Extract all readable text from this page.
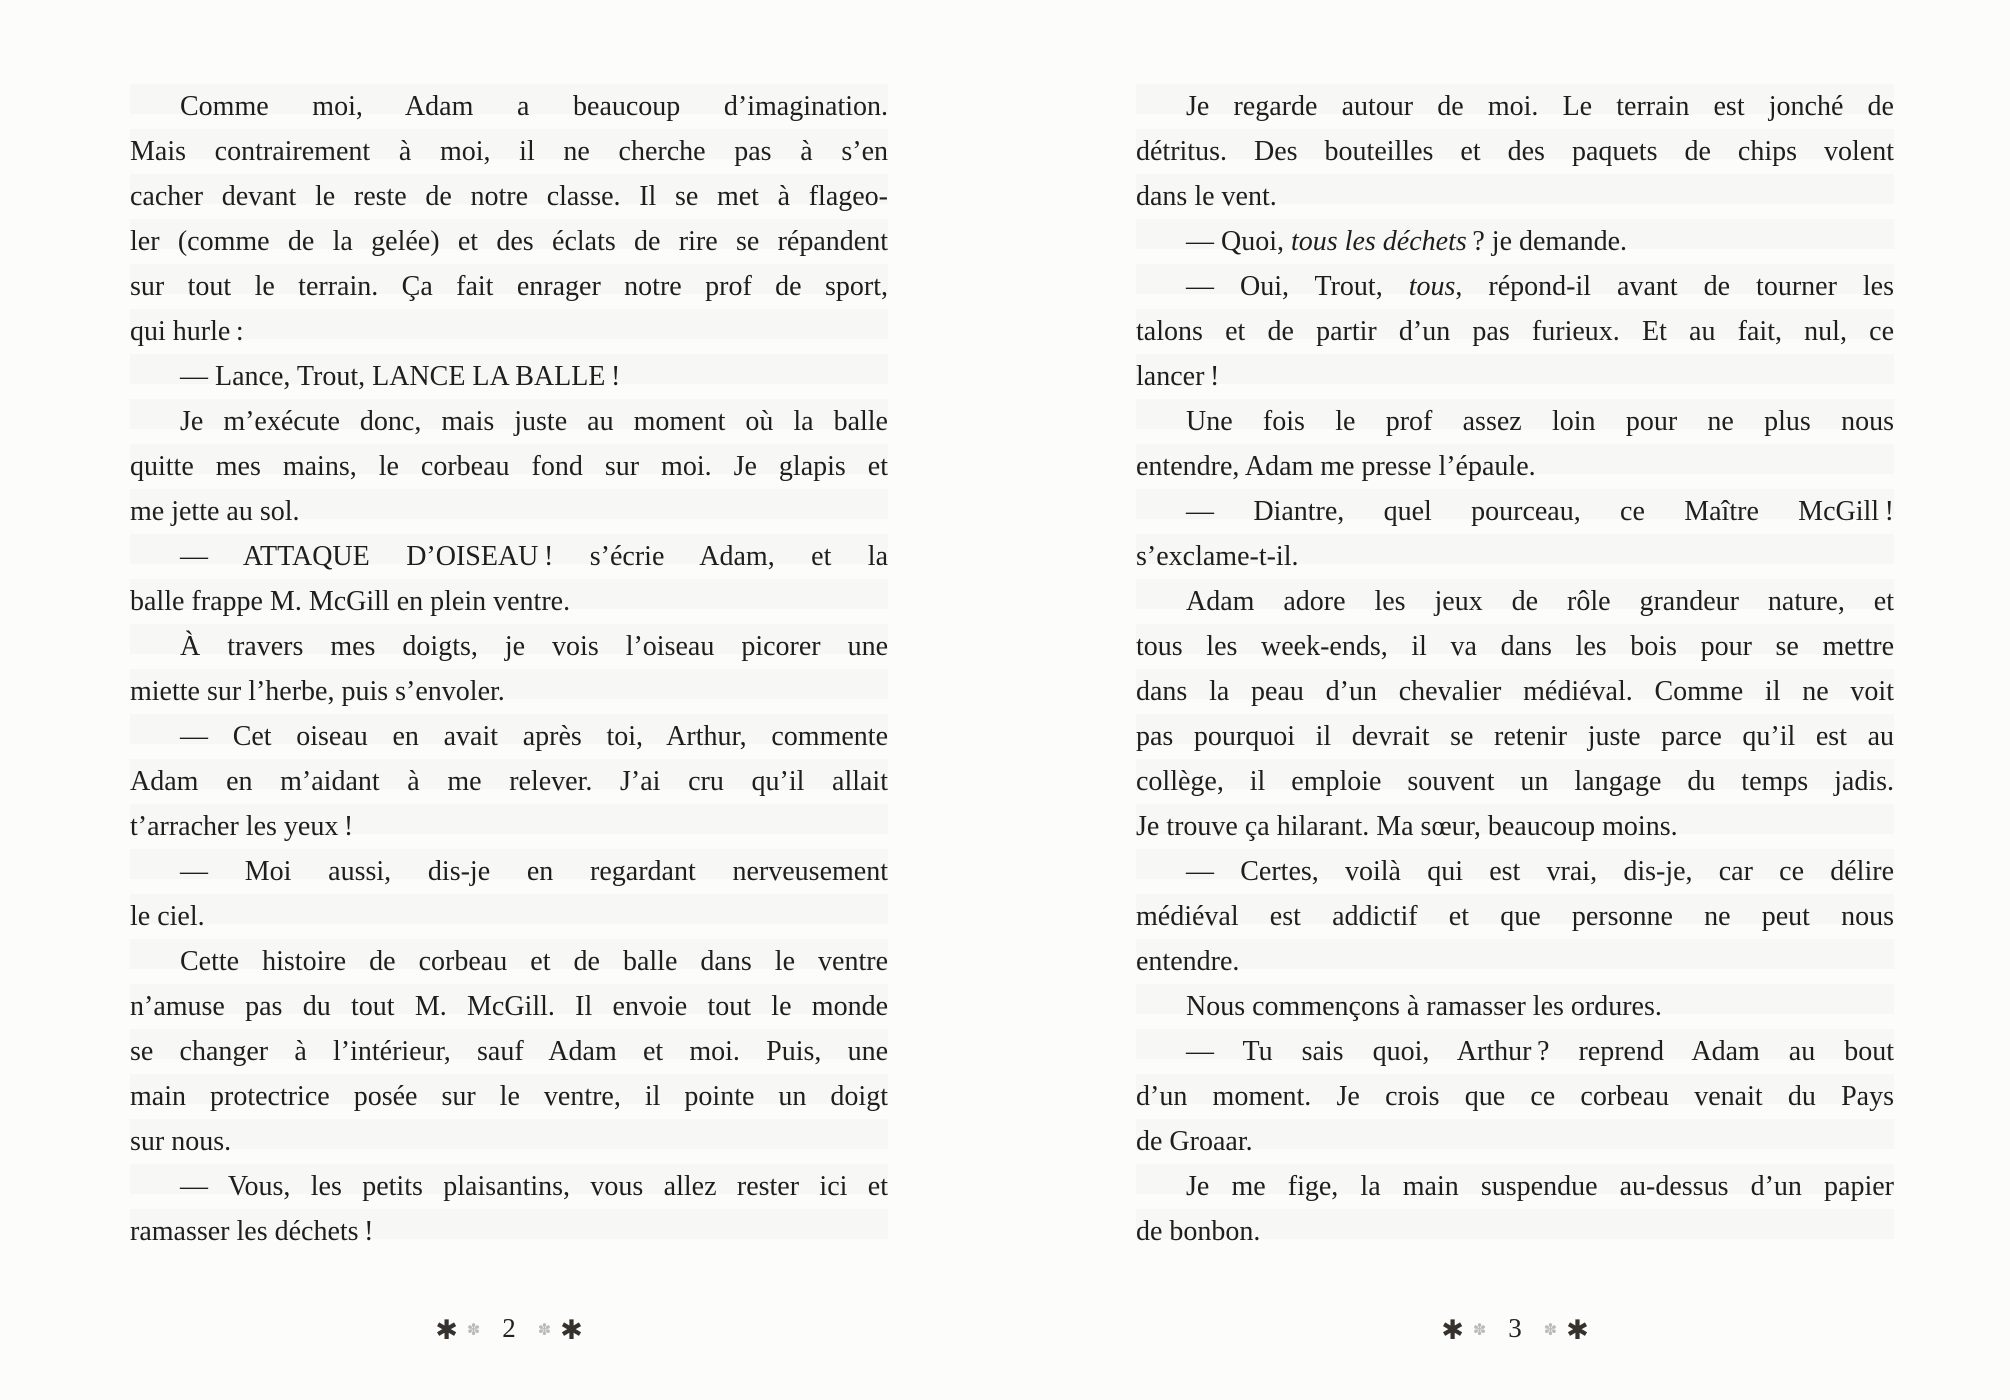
Comme moi, Adam a beaucoup d’imagination.
Mais contrairement à moi, il ne cherche pas à s’en
cacher devant le reste de notre classe. Il se met à flageo-
ler (comme de la gelée) et des éclats de rire se répandent
sur tout le terrain. Ça fait enrager notre prof de sport,
qui hurle :
— Lance, Trout, LANCE LA BALLE !
Je m’exécute donc, mais juste au moment où la balle
quitte mes mains, le corbeau fond sur moi. Je glapis et
me jette au sol.
— ATTAQUE D’OISEAU ! s’écrie Adam, et la
balle frappe M. McGill en plein ventre.
À travers mes doigts, je vois l’oiseau picorer une
miette sur l’herbe, puis s’envoler.
— Cet oiseau en avait après toi, Arthur, commente
Adam en m’aidant à me relever. J’ai cru qu’il allait
t’arracher les yeux !
— Moi aussi, dis-je en regardant nerveusement
le ciel.
Cette histoire de corbeau et de balle dans le ventre
n’amuse pas du tout M. McGill. Il envoie tout le monde
se changer à l’intérieur, sauf Adam et moi. Puis, une
main protectrice posée sur le ventre, il pointe un doigt
sur nous.
— Vous, les petits plaisantins, vous allez rester ici et
ramasser les déchets !
✱ ✽ 2 ✽ ✱
Je regarde autour de moi. Le terrain est jonché de
détritus. Des bouteilles et des paquets de chips volent
dans le vent.
— Quoi, tous les déchets ? je demande.
— Oui, Trout, tous, répond-il avant de tourner les
talons et de partir d’un pas furieux. Et au fait, nul, ce
lancer !
Une fois le prof assez loin pour ne plus nous
entendre, Adam me presse l’épaule.
— Diantre, quel pourceau, ce Maître McGill !
s’exclame-t-il.
Adam adore les jeux de rôle grandeur nature, et
tous les week-ends, il va dans les bois pour se mettre
dans la peau d’un chevalier médiéval. Comme il ne voit
pas pourquoi il devrait se retenir juste parce qu’il est au
collège, il emploie souvent un langage du temps jadis.
Je trouve ça hilarant. Ma sœur, beaucoup moins.
— Certes, voilà qui est vrai, dis-je, car ce délire
médiéval est addictif et que personne ne peut nous
entendre.
Nous commençons à ramasser les ordures.
— Tu sais quoi, Arthur ? reprend Adam au bout
d’un moment. Je crois que ce corbeau venait du Pays
de Groaar.
Je me fige, la main suspendue au-dessus d’un papier
de bonbon.
✱ ✽ 3 ✽ ✱
